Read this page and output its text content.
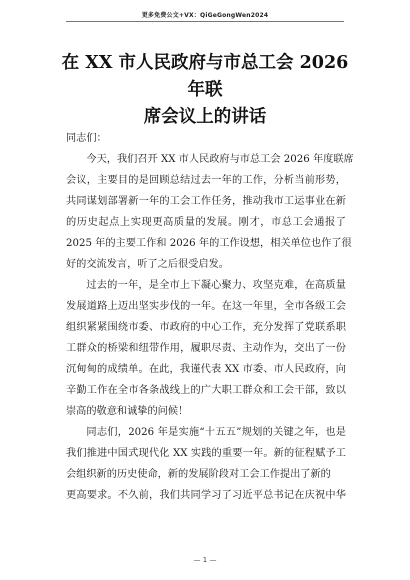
更多免费公文+VX：QiGeGongWen2024
在 XX 市人民政府与市总工会 2026 年联
席会议上的讲话

同志们：

今天，我们召开 XX 市人民政府与市总工会 2026 年度联席
会议，主要目的是回顾总结过去一年的工作，分析当前形势，
共同谋划部署新一年的工会工作任务，推动我市工运事业在新
的历史起点上实现更高质量的发展。刚才，市总工会通报了
2025 年的主要工作和 2026 年的工作设想，相关单位也作了很
好的交流发言，听了之后很受启发。

过去的一年，是全市上下凝心聚力、攻坚克难，在高质量
发展道路上迈出坚实步伐的一年。在这一年里，全市各级工会
组织紧紧围绕市委、市政府的中心工作，充分发挥了党联系职
工群众的桥梁和纽带作用，履职尽责、主动作为，交出了一份
沉甸甸的成绩单。在此，我谨代表 XX 市委、市人民政府，向
辛勤工作在全市各条战线上的广大职工群众和工会干部，致以
崇高的敬意和诚挚的问候！

同志们，2026 年是实施“十五五”规划的关键之年，也是
我们推进中国式现代化 XX 实践的重要一年。新的征程赋予工
会组织新的历史使命，新的发展阶段对工会工作提出了新的
更高要求。不久前，我们共同学习了习近平总书记在庆祝中华

— 1 —
